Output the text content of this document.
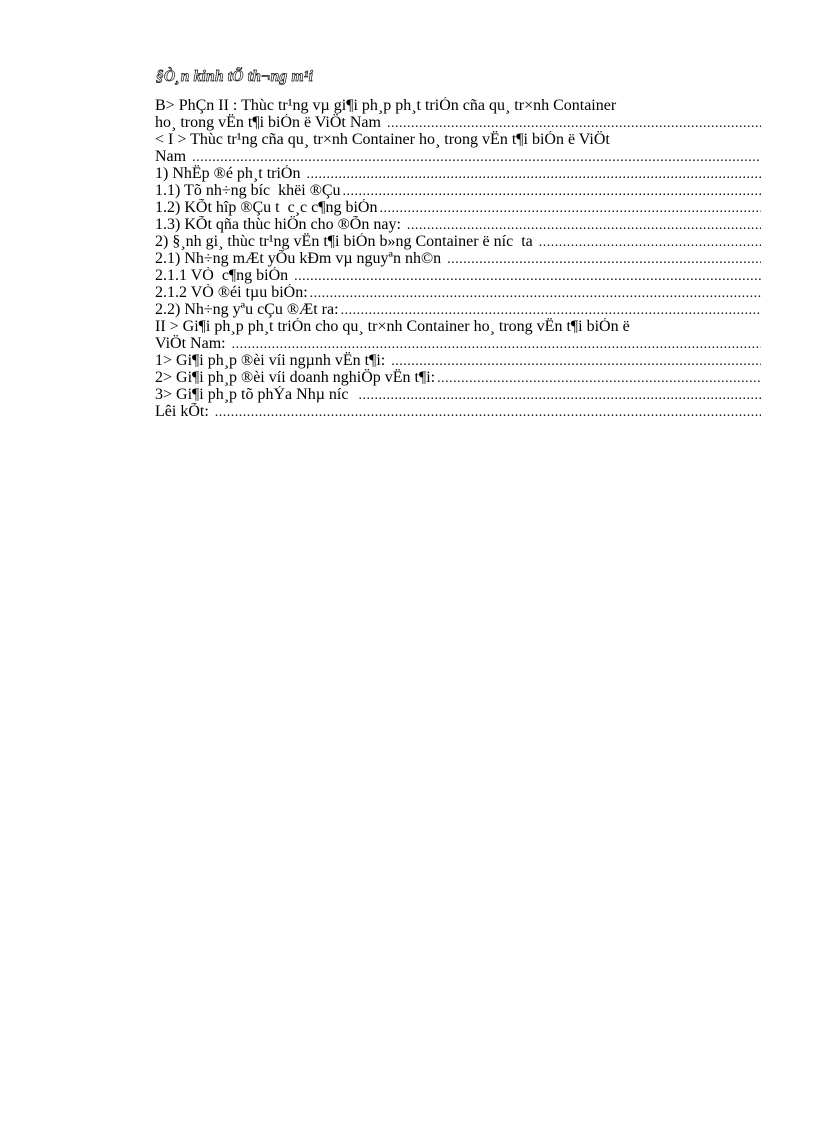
§Ò¸n kinh tÕ th¬ng m¹i
B> PhÇn II : Thùc tr¹ng vµ gi¶i ph¸p ph¸t triÓn cña qu¸ tr×nh Container
ho¸ trong vËn t¶i biÓn ë ViÖt Nam
.....
< I > Thùc tr¹ng cña qu¸ tr×nh Container ho¸ trong vËn t¶i biÓn ë ViÖt
Nam
.....
1) NhËp ®é ph¸t triÓn
.....
1.1) Tõ nh÷ng bíc  khëi ®Çu
.....
1.2) KÕt hîp ®Çu t  c¸c c¶ng biÓn
.....
1.3) KÕt qña thùc hiÖn cho ®Õn nay:
.....
2) §¸nh gi¸ thùc tr¹ng vËn t¶i biÓn b»ng Container ë níc  ta
.....
2.1) Nh÷ng mÆt yÕu kÐm vµ nguyªn nh©n
.....
2.1.1 VÒ  c¶ng biÓn
.....
2.1.2 VÒ ®éi tµu biÓn:
.....
2.2) Nh÷ng yªu cÇu ®Æt ra:
.....
II > Gi¶i ph¸p ph¸t triÓn cho qu¸ tr×nh Container ho¸ trong vËn t¶i biÓn ë
ViÖt Nam:
.....
1> Gi¶i ph¸p ®èi víi ngµnh vËn t¶i:
.....
2> Gi¶i ph¸p ®èi víi doanh nghiÖp vËn t¶i:
.....
3> Gi¶i ph¸p tõ phÝa Nhµ níc
.....
Lêi kÕt:
.....
